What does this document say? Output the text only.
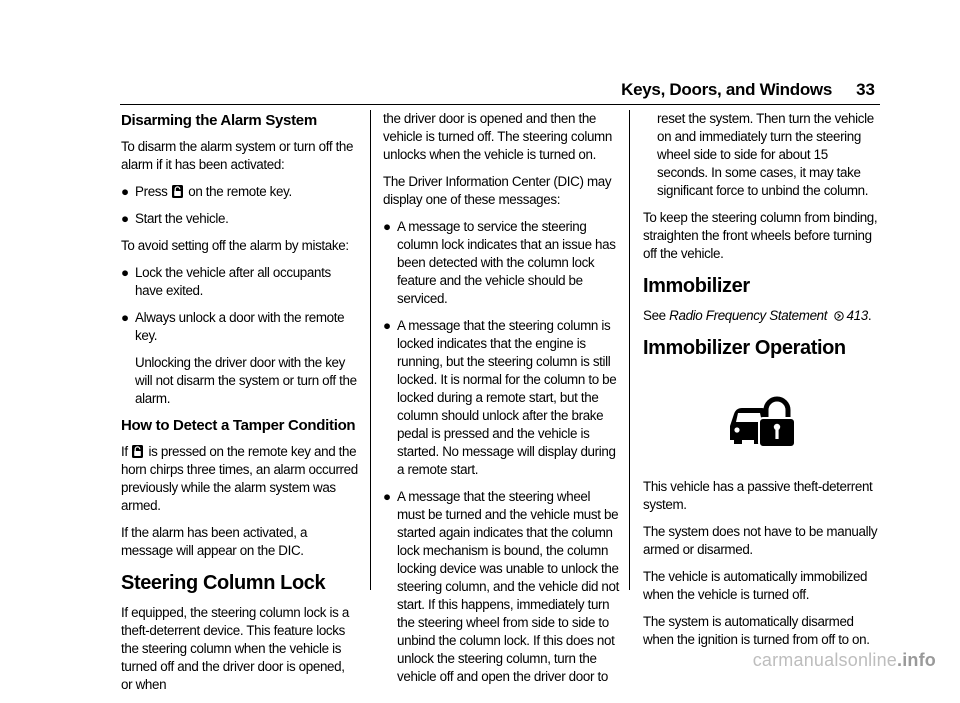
Keys, Doors, and Windows 33
Disarming the Alarm System

To disarm the alarm system or turn off the alarm if it has been activated:

● Press on the remote key.
● Start the vehicle.

To avoid setting off the alarm by mistake:

● Lock the vehicle after all occupants have exited.
● Always unlock a door with the remote key.

Unlocking the driver door with the key will not disarm the system or turn off the alarm.

How to Detect a Tamper Condition

If is pressed on the remote key and the horn chirps three times, an alarm occurred previously while the alarm system was armed.

If the alarm has been activated, a message will appear on the DIC.

Steering Column Lock

If equipped, the steering column lock is a theft-deterrent device. This feature locks the steering column when the vehicle is turned off and the driver door is opened, or when

the driver door is opened and then the vehicle is turned off. The steering column unlocks when the vehicle is turned on.

The Driver Information Center (DIC) may display one of these messages:

● A message to service the steering column lock indicates that an issue has been detected with the column lock feature and the vehicle should be serviced.
● A message that the steering column is locked indicates that the engine is running, but the steering column is still locked. It is normal for the column to be locked during a remote start, but the column should unlock after the brake pedal is pressed and the vehicle is started. No message will display during a remote start.
● A message that the steering wheel must be turned and the vehicle must be started again indicates that the column lock mechanism is bound, the column locking device was unable to unlock the steering column, and the vehicle did not start. If this happens, immediately turn the steering wheel from side to side to unbind the column lock. If this does not unlock the steering column, turn the vehicle off and open the driver door to

reset the system. Then turn the vehicle on and immediately turn the steering wheel side to side for about 15 seconds. In some cases, it may take significant force to unbind the column.

To keep the steering column from binding, straighten the front wheels before turning off the vehicle.

Immobilizer

See Radio Frequency Statement 413.

Immobilizer Operation

This vehicle has a passive theft-deterrent system.

The system does not have to be manually armed or disarmed.

The vehicle is automatically immobilized when the vehicle is turned off.

The system is automatically disarmed when the ignition is turned from off to on.

carmanualsonline.info
